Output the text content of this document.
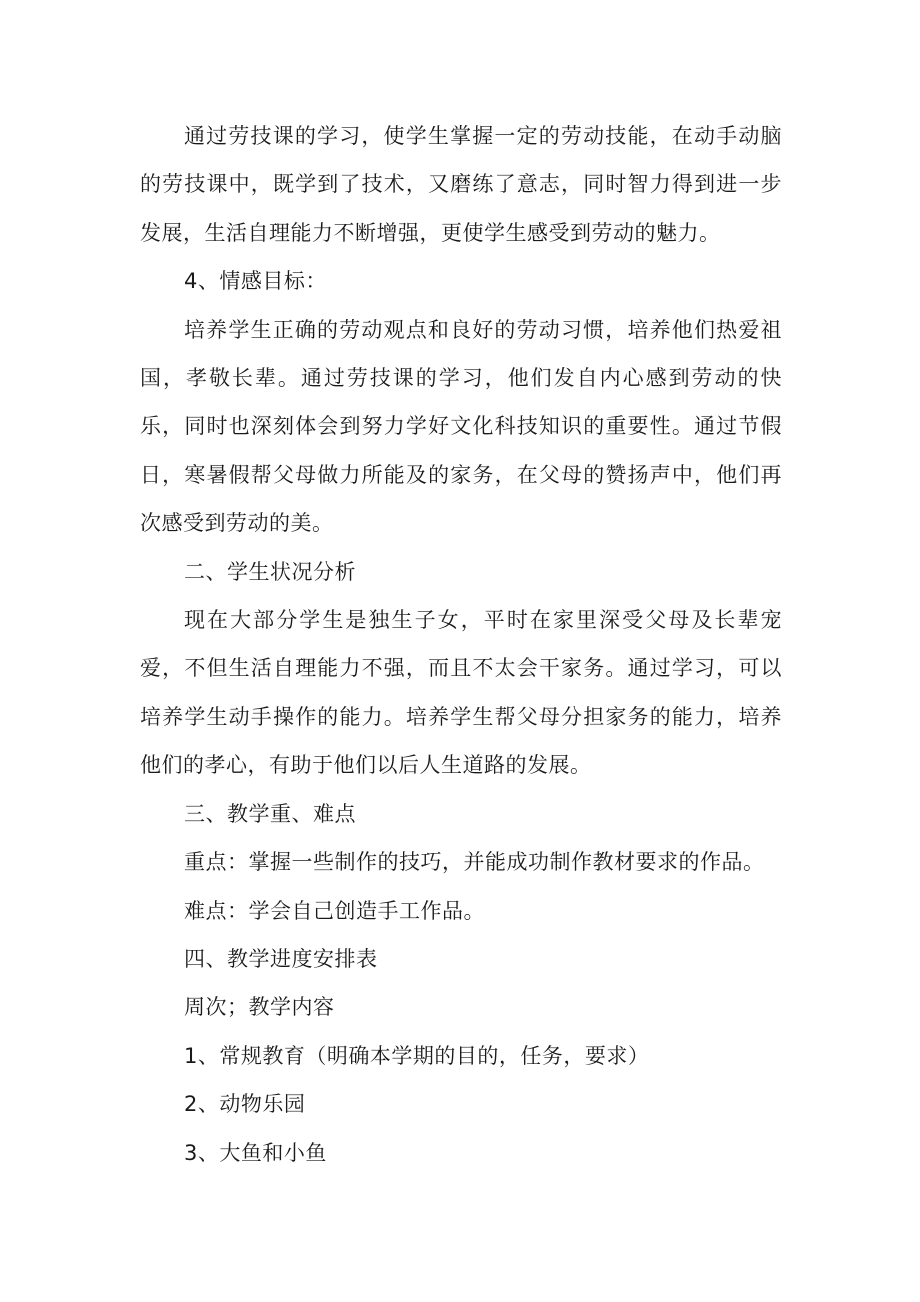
通过劳技课的学习，使学生掌握一定的劳动技能，在动手动脑的劳技课中，既学到了技术，又磨练了意志，同时智力得到进一步发展，生活自理能力不断增强，更使学生感受到劳动的魅力。

4、情感目标：

培养学生正确的劳动观点和良好的劳动习惯，培养他们热爱祖国，孝敬长辈。通过劳技课的学习，他们发自内心感到劳动的快乐，同时也深刻体会到努力学好文化科技知识的重要性。通过节假日，寒暑假帮父母做力所能及的家务，在父母的赞扬声中，他们再次感受到劳动的美。

二、学生状况分析

现在大部分学生是独生子女，平时在家里深受父母及长辈宠爱，不但生活自理能力不强，而且不太会干家务。通过学习，可以培养学生动手操作的能力。培养学生帮父母分担家务的能力，培养他们的孝心，有助于他们以后人生道路的发展。

三、教学重、难点

重点：掌握一些制作的技巧，并能成功制作教材要求的作品。

难点：学会自己创造手工作品。

四、教学进度安排表

周次；教学内容

1、常规教育（明确本学期的目的，任务，要求）

2、动物乐园

3、大鱼和小鱼
